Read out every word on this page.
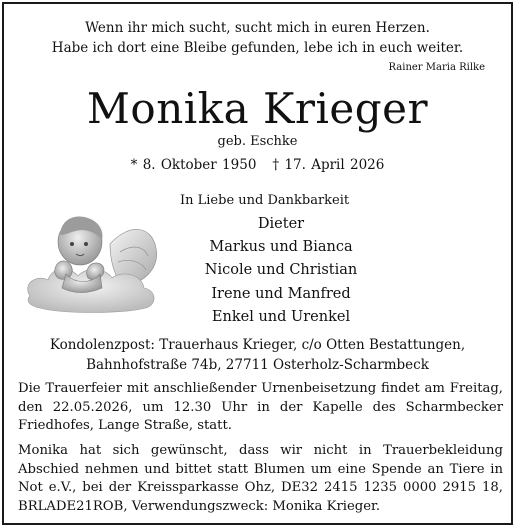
Wenn ihr mich sucht, sucht mich in euren Herzen.
Habe ich dort eine Bleibe gefunden, lebe ich in euch weiter.
Rainer Maria Rilke
Monika Krieger
geb. Eschke
* 8. Oktober 1950 † 17. April 2026
In Liebe und Dankbarkeit
Dieter
Markus und Bianca
Nicole und Christian
Irene und Manfred
Enkel und Urenkel
Kondolenzpost: Trauerhaus Krieger, c/o Otten Bestattungen,
Bahnhofstraße 74b, 27711 Osterholz-Scharmbeck
Die Trauerfeier mit anschließender Urnenbeisetzung findet am Freitag, den 22.05.2026, um 12.30 Uhr in der Kapelle des Scharmbecker Friedhofes, Lange Straße, statt.
Monika hat sich gewünscht, dass wir nicht in Trauerbekleidung Abschied nehmen und bittet statt Blumen um eine Spende an Tiere in Not e.V., bei der Kreissparkasse Ohz, DE32 2415 1235 0000 2915 18, BRLADE21ROB, Verwendungszweck: Monika Krieger.
